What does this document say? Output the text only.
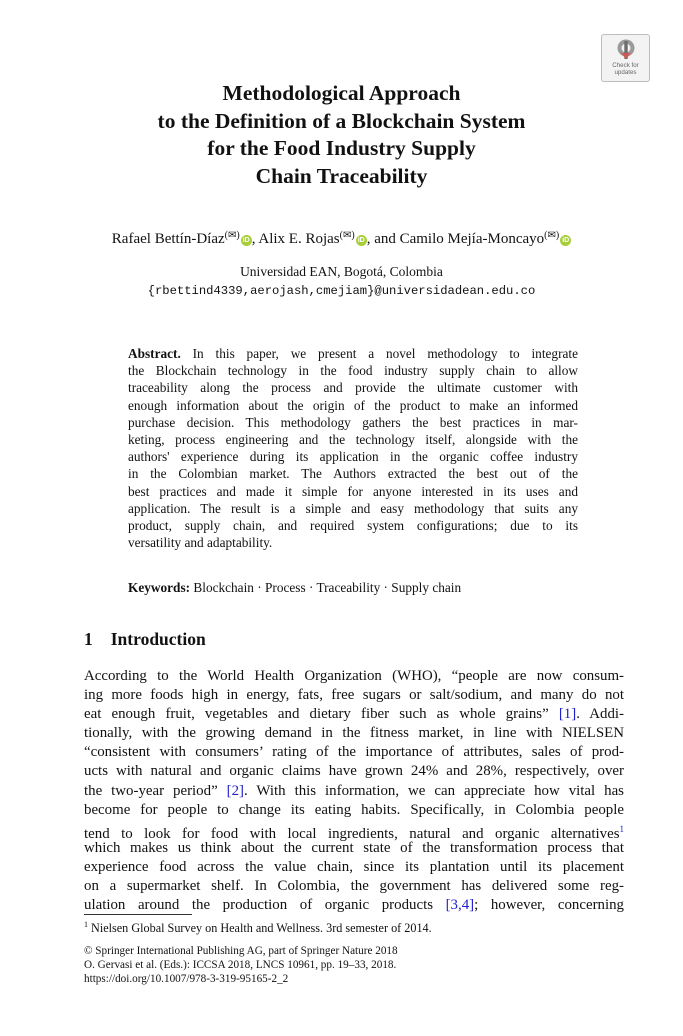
Check for
updates
Methodological Approach
to the Definition of a Blockchain System
for the Food Industry Supply
Chain Traceability
Rafael Bettín-Díaz(✉) iD , Alix E. Rojas(✉) iD , and Camilo Mejía-Moncayo(✉) iD
Universidad EAN, Bogotá, Colombia
{rbettind4339,aerojash,cmejiam}@universidadean.edu.co
Abstract. In this paper, we present a novel methodology to integrate
the Blockchain technology in the food industry supply chain to allow
traceability along the process and provide the ultimate customer with
enough information about the origin of the product to make an informed
purchase decision. This methodology gathers the best practices in mar-
keting, process engineering and the technology itself, alongside with the
authors' experience during its application in the organic coffee industry
in the Colombian market. The Authors extracted the best out of the
best practices and made it simple for anyone interested in its uses and
application. The result is a simple and easy methodology that suits any
product, supply chain, and required system configurations; due to its
versatility and adaptability.
Keywords: Blockchain · Process · Traceability · Supply chain
1 Introduction
According to the World Health Organization (WHO), “people are now consum-
ing more foods high in energy, fats, free sugars or salt/sodium, and many do not
eat enough fruit, vegetables and dietary fiber such as whole grains” [1]. Addi-
tionally, with the growing demand in the fitness market, in line with NIELSEN
“consistent with consumers’ rating of the importance of attributes, sales of prod-
ucts with natural and organic claims have grown 24% and 28%, respectively, over
the two-year period” [2]. With this information, we can appreciate how vital has
become for people to change its eating habits. Specifically, in Colombia people
tend to look for food with local ingredients, natural and organic alternatives$^1$
which makes us think about the current state of the transformation process that
experience food across the value chain, since its plantation until its placement
on a supermarket shelf. In Colombia, the government has delivered some reg-
ulation around the production of organic products [3,4]; however, concerning
$^1$ Nielsen Global Survey on Health and Wellness. 3rd semester of 2014.
© Springer International Publishing AG, part of Springer Nature 2018
O. Gervasi et al. (Eds.): ICCSA 2018, LNCS 10961, pp. 19–33, 2018.
https://doi.org/10.1007/978-3-319-95165-2_2
